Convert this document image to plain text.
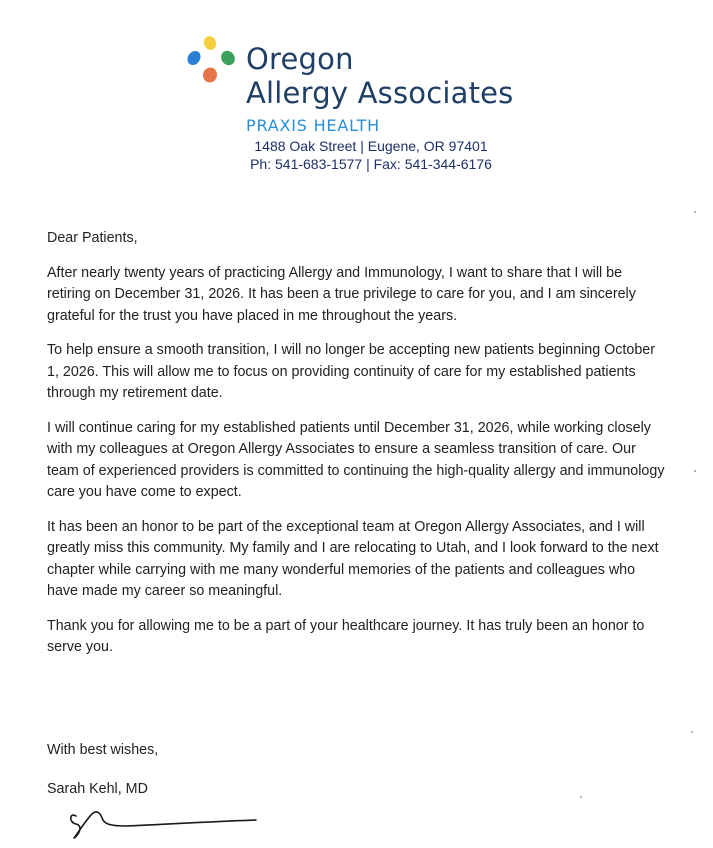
Oregon
Allergy Associates
PRAXIS HEALTH
1488 Oak Street | Eugene, OR 97401
Ph: 541-683-1577 | Fax: 541-344-6176

Dear Patients,

After nearly twenty years of practicing Allergy and Immunology, I want to share that I will be retiring on December 31, 2026. It has been a true privilege to care for you, and I am sincerely grateful for the trust you have placed in me throughout the years.

To help ensure a smooth transition, I will no longer be accepting new patients beginning October 1, 2026. This will allow me to focus on providing continuity of care for my established patients through my retirement date.

I will continue caring for my established patients until December 31, 2026, while working closely with my colleagues at Oregon Allergy Associates to ensure a seamless transition of care. Our team of experienced providers is committed to continuing the high-quality allergy and immunology care you have come to expect.

It has been an honor to be part of the exceptional team at Oregon Allergy Associates, and I will greatly miss this community. My family and I are relocating to Utah, and I look forward to the next chapter while carrying with me many wonderful memories of the patients and colleagues who have made my career so meaningful.

Thank you for allowing me to be a part of your healthcare journey. It has truly been an honor to serve you.

With best wishes,
Sarah Kehl, MD
